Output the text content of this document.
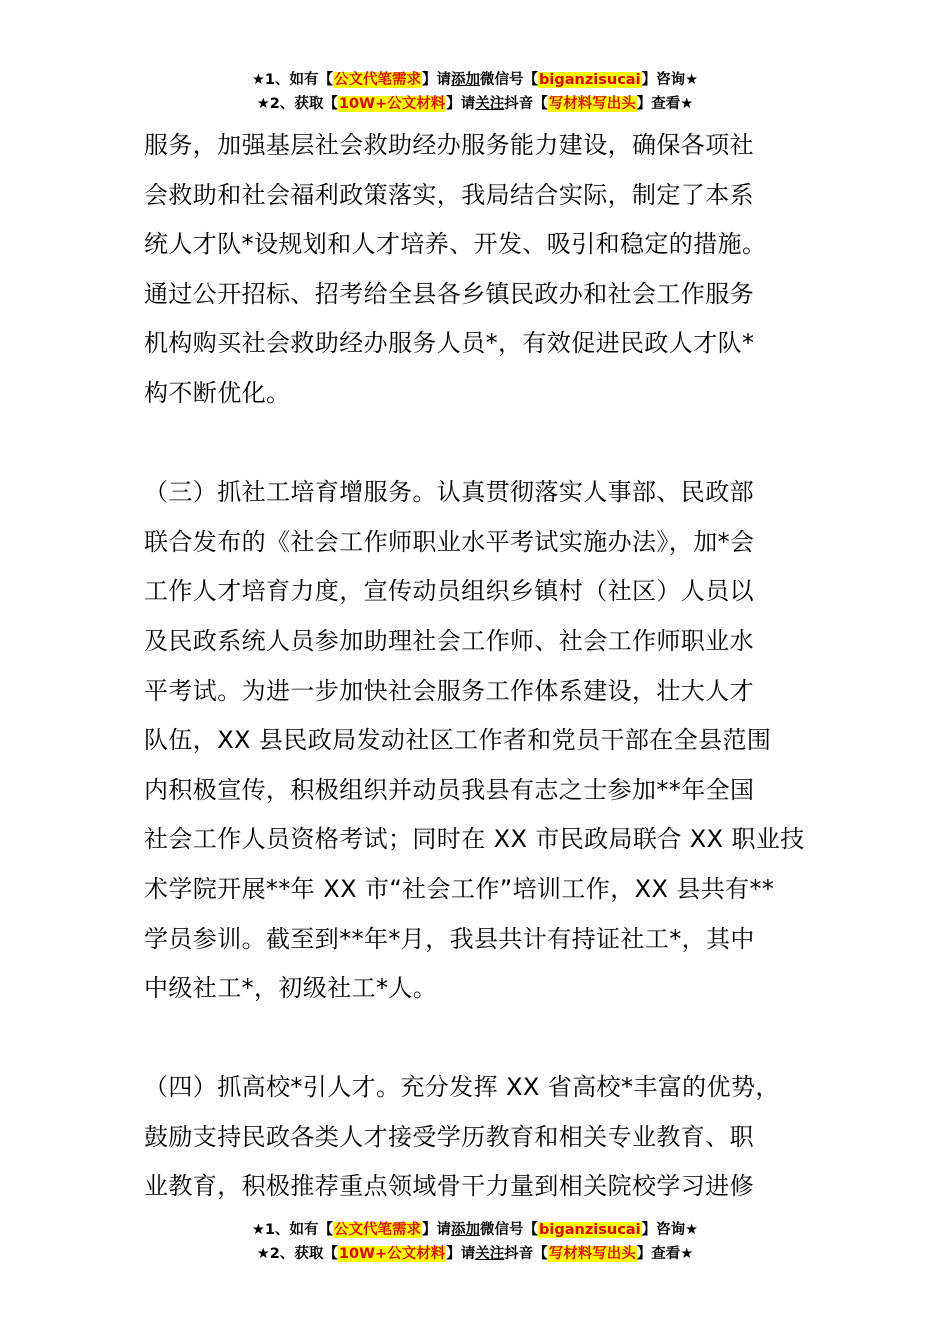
★1、如有【公文代笔需求】请添加微信号【biganzisucai】咨询★
★2、获取【10W+公文材料】请关注抖音【写材料写出头】查看★
服务，加强基层社会救助经办服务能力建设，确保各项社
会救助和社会福利政策落实，我局结合实际，制定了本系
统人才队*设规划和人才培养、开发、吸引和稳定的措施。
通过公开招标、招考给全县各乡镇民政办和社会工作服务
机构购买社会救助经办服务人员*，有效促进民政人才队*
构不断优化。
（三）抓社工培育增服务。认真贯彻落实人事部、民政部
联合发布的《社会工作师职业水平考试实施办法》，加*会
工作人才培育力度，宣传动员组织乡镇村（社区）人员以
及民政系统人员参加助理社会工作师、社会工作师职业水
平考试。为进一步加快社会服务工作体系建设，壮大人才
队伍，XX 县民政局发动社区工作者和党员干部在全县范围
内积极宣传，积极组织并动员我县有志之士参加**年全国
社会工作人员资格考试；同时在 XX 市民政局联合 XX 职业技
术学院开展**年 XX 市“社会工作”培训工作，XX 县共有**
学员参训。截至到**年*月，我县共计有持证社工*，其中
中级社工*，初级社工*人。
（四）抓高校*引人才。充分发挥 XX 省高校*丰富的优势，
鼓励支持民政各类人才接受学历教育和相关专业教育、职
业教育，积极推荐重点领域骨干力量到相关院校学习进修
★1、如有【公文代笔需求】请添加微信号【biganzisucai】咨询★
★2、获取【10W+公文材料】请关注抖音【写材料写出头】查看★
